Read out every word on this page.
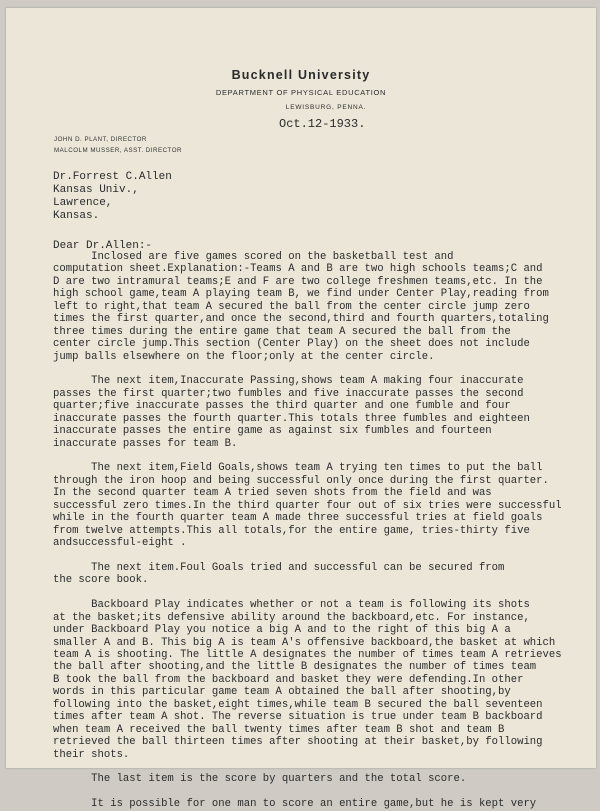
Bucknell University
DEPARTMENT OF PHYSICAL EDUCATION
LEWISBURG, PENNA.
JOHN D. PLANT, DIRECTOR
MALCOLM MUSSER, ASST. DIRECTOR
Oct.12-1933.
Dr.Forrest C.Allen
Kansas Univ.,
Lawrence,
Kansas.
Dear Dr.Allen:-
Inclosed are five games scored on the basketball test and
computation sheet.Explanation:-Teams A and B are two high schools teams;C and
D are two intramural teams;E and F are two college freshmen teams,etc. In the
high school game,team A playing team B, we find under Center Play,reading from
left to right,that team A secured the ball from the center circle jump zero
times the first quarter,and once the second,third and fourth quarters,totaling
three times during the entire game that team A secured the ball from the
center circle jump.This section (Center Play) on the sheet does not include
jump balls elsewhere on the floor;only at the center circle.
The next item,Inaccurate Passing,shows team A making four inaccurate
passes the first quarter;two fumbles and five inaccurate passes the second
quarter;five inaccurate passes the third quarter and one fumble and four
inaccurate passes the fourth quarter.This totals three fumbles and eighteen
inaccurate passes the entire game as against six fumbles and fourteen
inaccurate passes for team B.
The next item,Field Goals,shows team A trying ten times to put the ball
through the iron hoop and being successful only once during the first quarter.
In the second quarter team A tried seven shots from the field and was
successful zero times.In the third quarter four out of six tries were successful
while in the fourth quarter team A made three successful tries at field goals
from twelve attempts.This all totals,for the entire game, tries-thirty five
andsuccessful-eight .
The next item.Foul Goals tried and successful can be secured from
the score book.
Backboard Play indicates whether or not a team is following its shots
at the basket;its defensive ability around the backboard,etc. For instance,
under Backboard Play you notice a big A and to the right of this big A a
smaller A and B. This big A is team A's offensive backboard,the basket at which
team A is shooting. The little A designates the number of times team A retrieves
the ball after shooting,and the little B designates the number of times team
B took the ball from the backboard and basket they were defending.In other
words in this particular game team A obtained the ball after shooting,by
following into the basket,eight times,while team B secured the ball seventeen
times after team A shot. The reverse situation is true under team B backboard
when team A received the ball twenty times after team B shot and team B
retrieved the ball thirteen times after shooting at their basket,by following
their shots.
The last item is the score by quarters and the total score.
It is possible for one man to score an entire game,but he is kept very
